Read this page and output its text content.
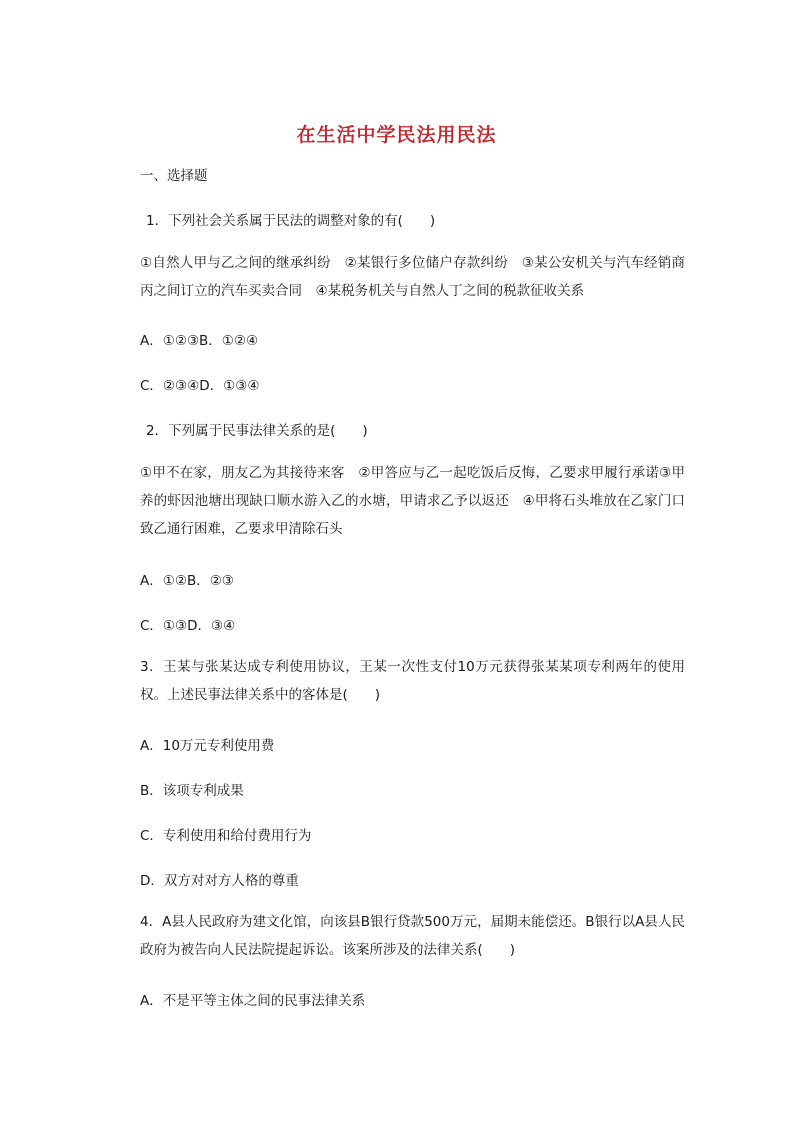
在生活中学民法用民法
一、选择题
1．下列社会关系属于民法的调整对象的有(　　)
①自然人甲与乙之间的继承纠纷　②某银行多位储户存款纠纷　③某公安机关与汽车经销商丙之间订立的汽车买卖合同　④某税务机关与自然人丁之间的税款征收关系
A．①②③B．①②④
C．②③④D．①③④
2．下列属于民事法律关系的是(　　)
①甲不在家，朋友乙为其接待来客　②甲答应与乙一起吃饭后反悔，乙要求甲履行承诺③甲养的虾因池塘出现缺口顺水游入乙的水塘，甲请求乙予以返还　④甲将石头堆放在乙家门口致乙通行困难，乙要求甲清除石头
A．①②B．②③
C．①③D．③④
3．王某与张某达成专利使用协议，王某一次性支付10万元获得张某某项专利两年的使用权。上述民事法律关系中的客体是(　　)
A．10万元专利使用费
B．该项专利成果
C．专利使用和给付费用行为
D．双方对对方人格的尊重
4．A县人民政府为建文化馆，向该县B银行贷款500万元，届期未能偿还。B银行以A县人民政府为被告向人民法院提起诉讼。该案所涉及的法律关系(　　)
A．不是平等主体之间的民事法律关系
